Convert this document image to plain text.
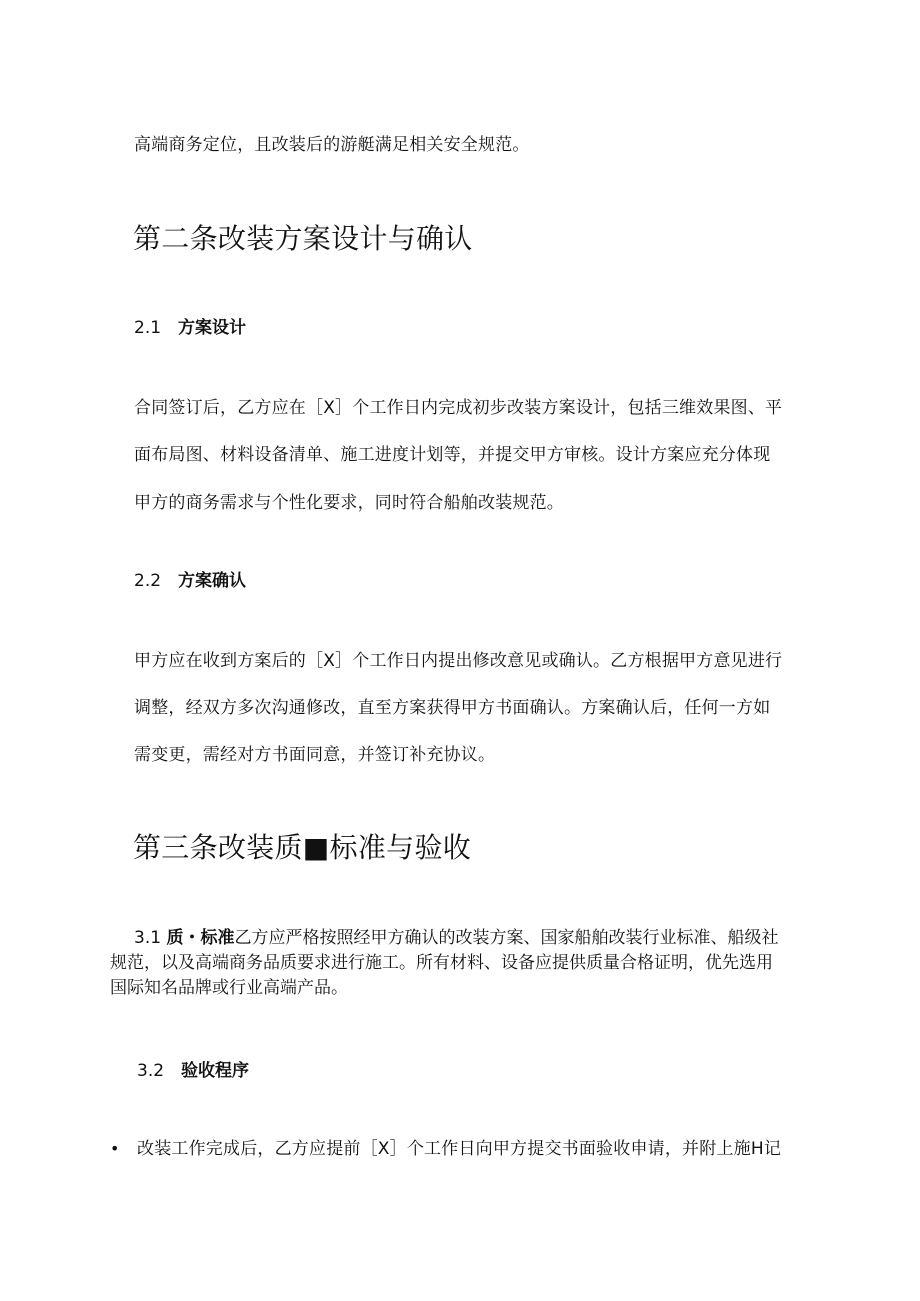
高端商务定位，且改装后的游艇满足相关安全规范。
第二条改装方案设计与确认
2.1 方案设计
合同签订后，乙方应在［X］个工作日内完成初步改装方案设计，包括三维效果图、平
面布局图、材料设备清单、施工进度计划等，并提交甲方审核。设计方案应充分体现
甲方的商务需求与个性化要求，同时符合船舶改装规范。
2.2 方案确认
甲方应在收到方案后的［X］个工作日内提出修改意见或确认。乙方根据甲方意见进行
调整，经双方多次沟通修改，直至方案获得甲方书面确认。方案确认后，任何一方如
需变更，需经对方书面同意，并签订补充协议。
第三条改装质■标准与验收
3.1 质・标准乙方应严格按照经甲方确认的改装方案、国家船舶改装行业标准、船级社
规范，以及高端商务品质要求进行施工。所有材料、设备应提供质量合格证明，优先选用
国际知名品牌或行业高端产品。
3.2 验收程序
• 改装工作完成后，乙方应提前［X］个工作日向甲方提交书面验收申请，并附上施H记
